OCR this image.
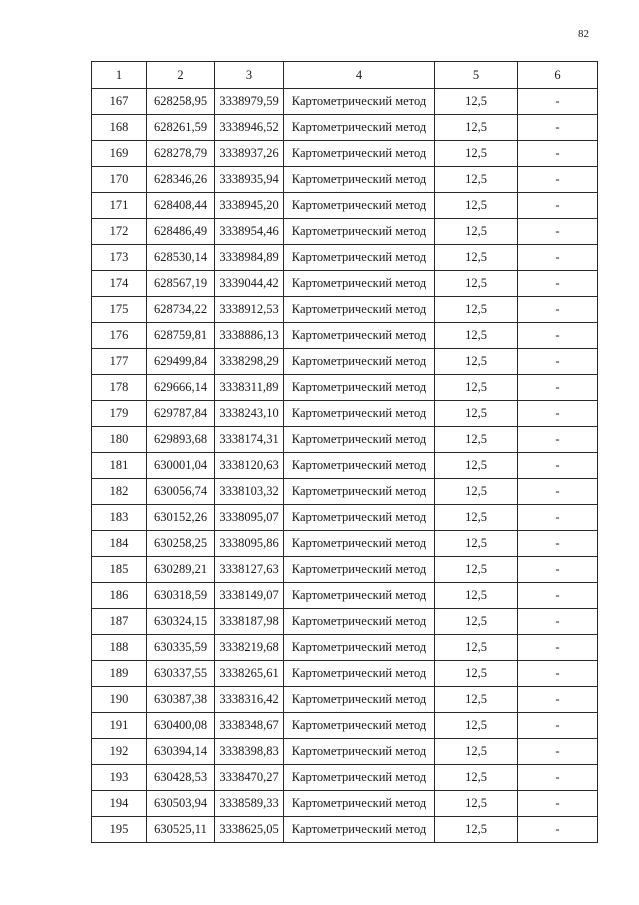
82
1	2	3	4	5	6
167	628258,95	3338979,59	Картометрический метод	12,5	-
168	628261,59	3338946,52	Картометрический метод	12,5	-
169	628278,79	3338937,26	Картометрический метод	12,5	-
170	628346,26	3338935,94	Картометрический метод	12,5	-
171	628408,44	3338945,20	Картометрический метод	12,5	-
172	628486,49	3338954,46	Картометрический метод	12,5	-
173	628530,14	3338984,89	Картометрический метод	12,5	-
174	628567,19	3339044,42	Картометрический метод	12,5	-
175	628734,22	3338912,53	Картометрический метод	12,5	-
176	628759,81	3338886,13	Картометрический метод	12,5	-
177	629499,84	3338298,29	Картометрический метод	12,5	-
178	629666,14	3338311,89	Картометрический метод	12,5	-
179	629787,84	3338243,10	Картометрический метод	12,5	-
180	629893,68	3338174,31	Картометрический метод	12,5	-
181	630001,04	3338120,63	Картометрический метод	12,5	-
182	630056,74	3338103,32	Картометрический метод	12,5	-
183	630152,26	3338095,07	Картометрический метод	12,5	-
184	630258,25	3338095,86	Картометрический метод	12,5	-
185	630289,21	3338127,63	Картометрический метод	12,5	-
186	630318,59	3338149,07	Картометрический метод	12,5	-
187	630324,15	3338187,98	Картометрический метод	12,5	-
188	630335,59	3338219,68	Картометрический метод	12,5	-
189	630337,55	3338265,61	Картометрический метод	12,5	-
190	630387,38	3338316,42	Картометрический метод	12,5	-
191	630400,08	3338348,67	Картометрический метод	12,5	-
192	630394,14	3338398,83	Картометрический метод	12,5	-
193	630428,53	3338470,27	Картометрический метод	12,5	-
194	630503,94	3338589,33	Картометрический метод	12,5	-
195	630525,11	3338625,05	Картометрический метод	12,5	-
